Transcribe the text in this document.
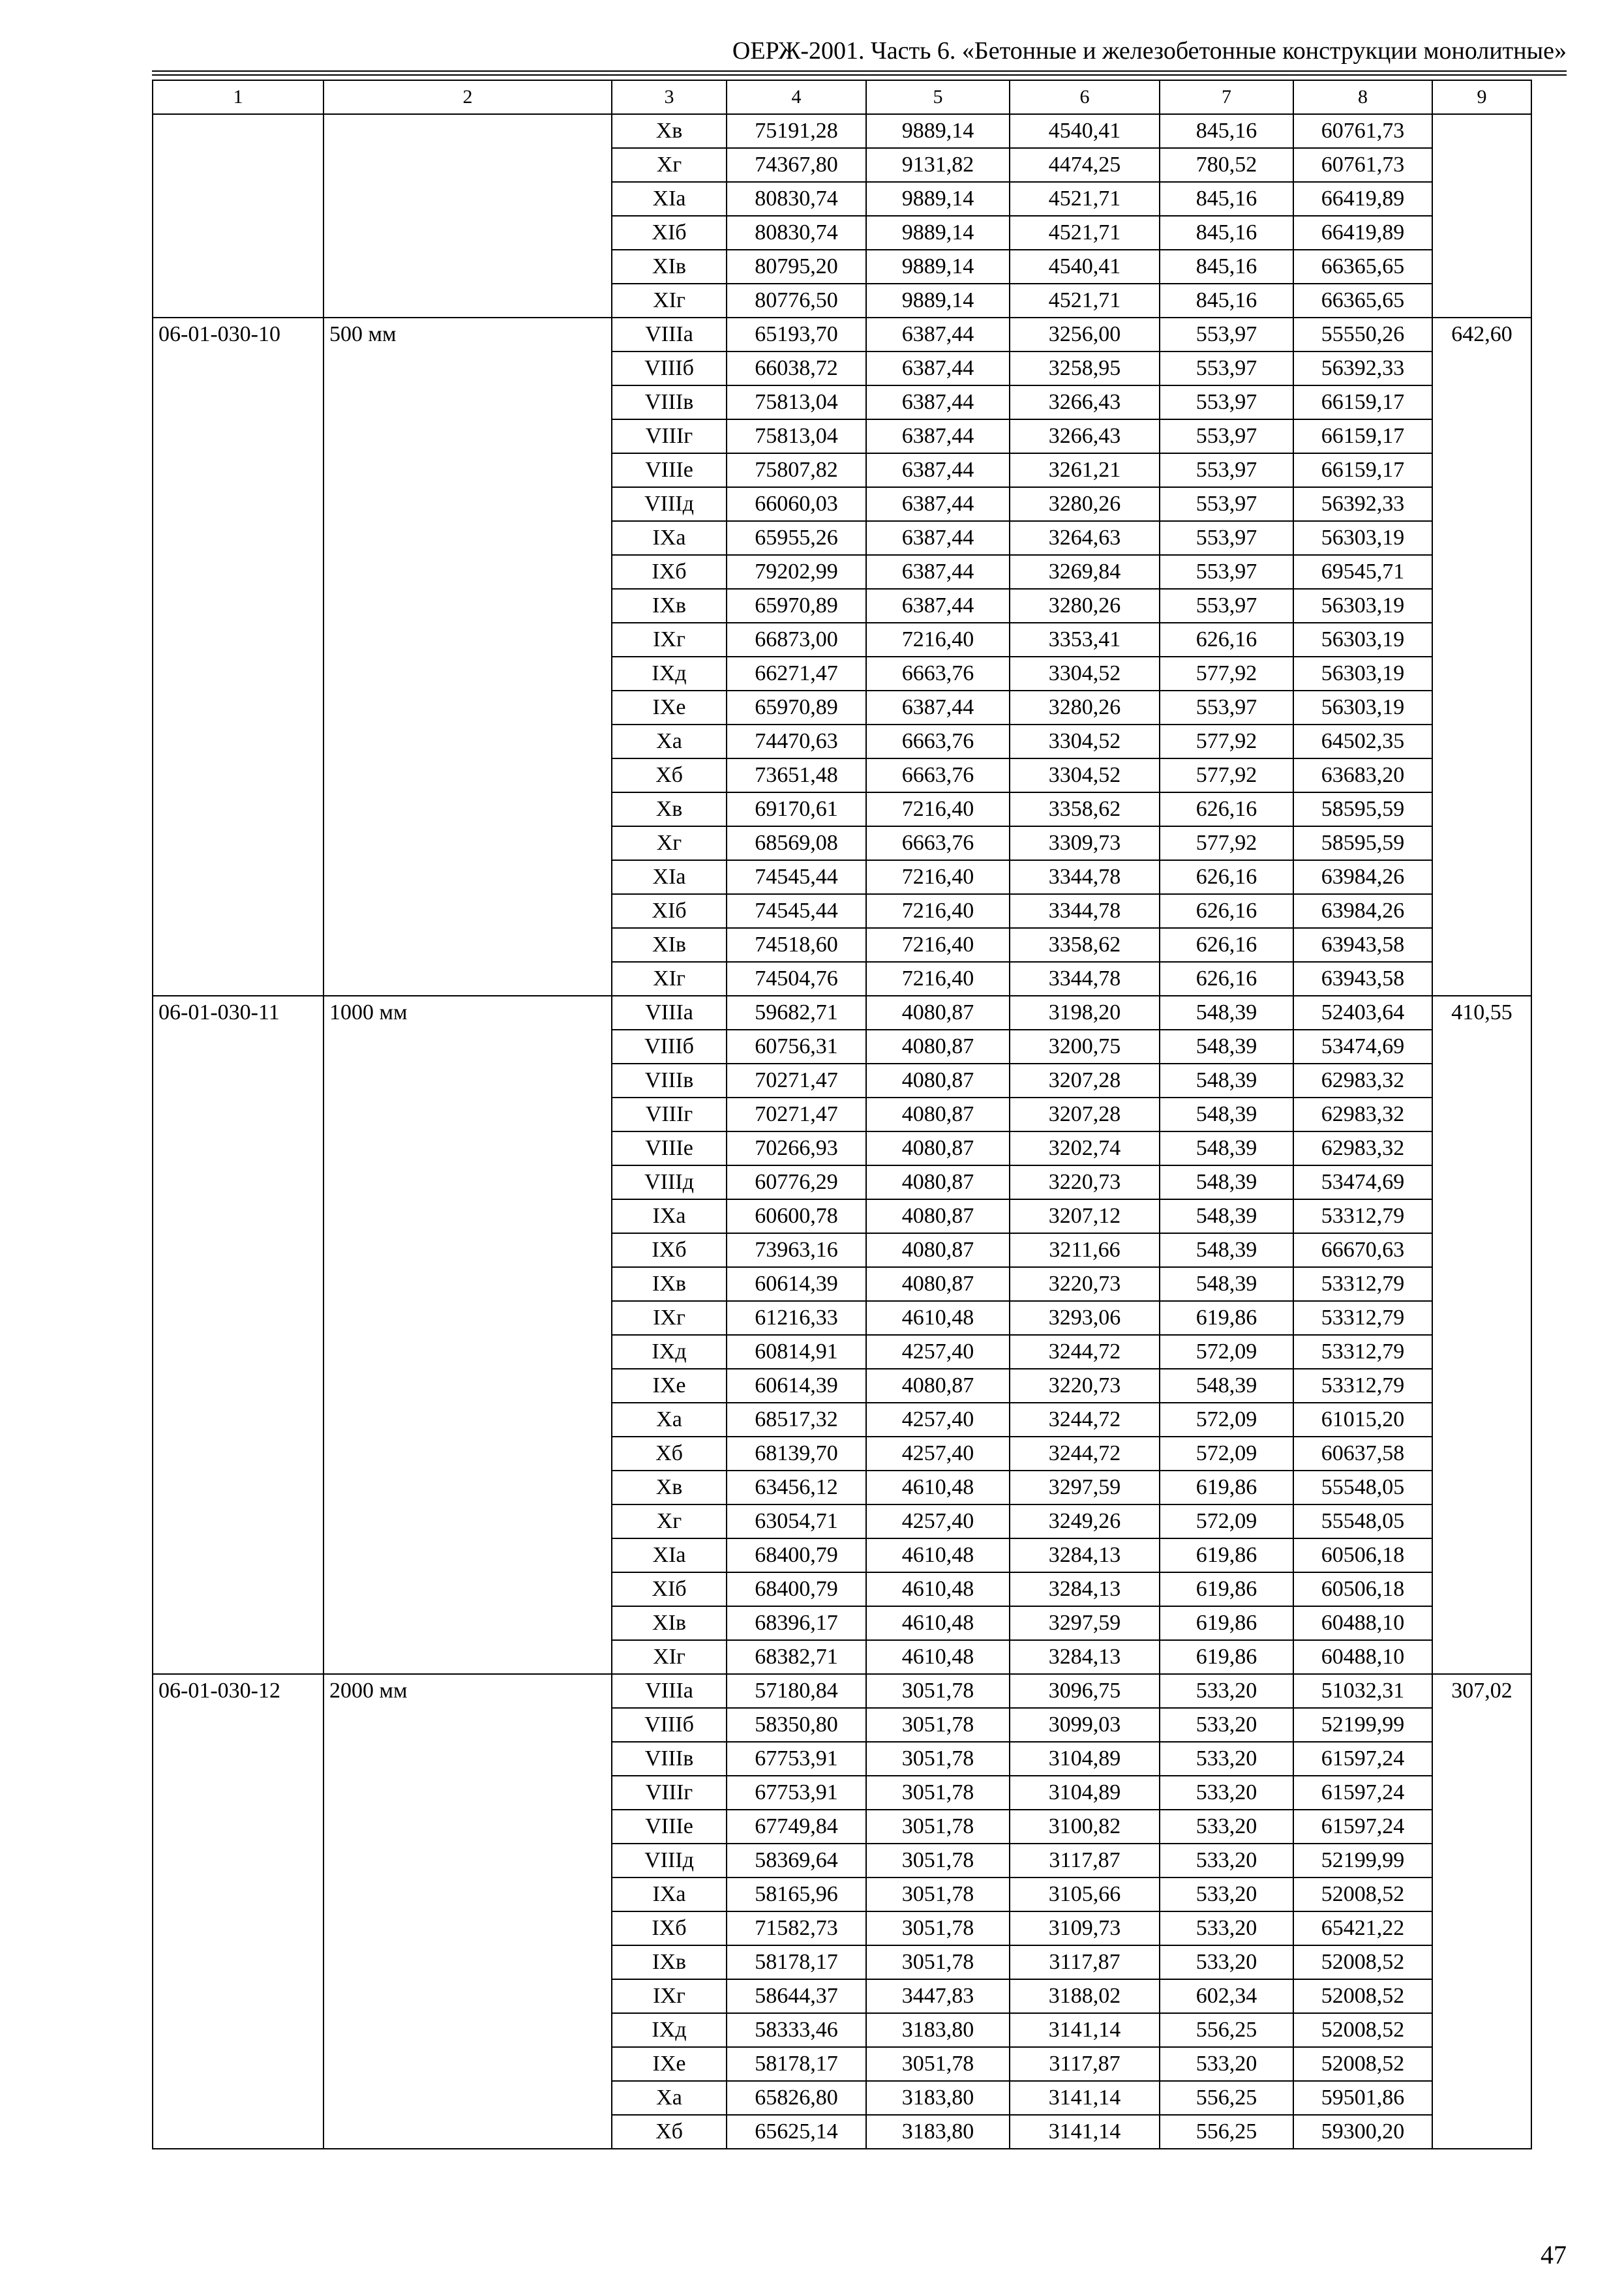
ОЕРЖ-2001. Часть 6. «Бетонные и железобетонные конструкции монолитные»
1	2	3	4	5	6	7	8	9
		Хв	75191,28	9889,14	4540,41	845,16	60761,73	
		Хг	74367,80	9131,82	4474,25	780,52	60761,73	
		XIа	80830,74	9889,14	4521,71	845,16	66419,89	
		XIб	80830,74	9889,14	4521,71	845,16	66419,89	
		XIв	80795,20	9889,14	4540,41	845,16	66365,65	
		XIг	80776,50	9889,14	4521,71	845,16	66365,65	
06-01-030-10	500 мм	VIIIа	65193,70	6387,44	3256,00	553,97	55550,26	642,60
		VIIIб	66038,72	6387,44	3258,95	553,97	56392,33	
		VIIIв	75813,04	6387,44	3266,43	553,97	66159,17	
		VIIIг	75813,04	6387,44	3266,43	553,97	66159,17	
		VIIIе	75807,82	6387,44	3261,21	553,97	66159,17	
		VIIIд	66060,03	6387,44	3280,26	553,97	56392,33	
		IXа	65955,26	6387,44	3264,63	553,97	56303,19	
		IXб	79202,99	6387,44	3269,84	553,97	69545,71	
		IXв	65970,89	6387,44	3280,26	553,97	56303,19	
		IXг	66873,00	7216,40	3353,41	626,16	56303,19	
		IXд	66271,47	6663,76	3304,52	577,92	56303,19	
		IXе	65970,89	6387,44	3280,26	553,97	56303,19	
		Ха	74470,63	6663,76	3304,52	577,92	64502,35	
		Хб	73651,48	6663,76	3304,52	577,92	63683,20	
		Хв	69170,61	7216,40	3358,62	626,16	58595,59	
		Хг	68569,08	6663,76	3309,73	577,92	58595,59	
		XIа	74545,44	7216,40	3344,78	626,16	63984,26	
		XIб	74545,44	7216,40	3344,78	626,16	63984,26	
		XIв	74518,60	7216,40	3358,62	626,16	63943,58	
		XIг	74504,76	7216,40	3344,78	626,16	63943,58	
06-01-030-11	1000 мм	VIIIа	59682,71	4080,87	3198,20	548,39	52403,64	410,55
		VIIIб	60756,31	4080,87	3200,75	548,39	53474,69	
		VIIIв	70271,47	4080,87	3207,28	548,39	62983,32	
		VIIIг	70271,47	4080,87	3207,28	548,39	62983,32	
		VIIIе	70266,93	4080,87	3202,74	548,39	62983,32	
		VIIIд	60776,29	4080,87	3220,73	548,39	53474,69	
		IXа	60600,78	4080,87	3207,12	548,39	53312,79	
		IXб	73963,16	4080,87	3211,66	548,39	66670,63	
		IXв	60614,39	4080,87	3220,73	548,39	53312,79	
		IXг	61216,33	4610,48	3293,06	619,86	53312,79	
		IXд	60814,91	4257,40	3244,72	572,09	53312,79	
		IXе	60614,39	4080,87	3220,73	548,39	53312,79	
		Ха	68517,32	4257,40	3244,72	572,09	61015,20	
		Хб	68139,70	4257,40	3244,72	572,09	60637,58	
		Хв	63456,12	4610,48	3297,59	619,86	55548,05	
		Хг	63054,71	4257,40	3249,26	572,09	55548,05	
		XIа	68400,79	4610,48	3284,13	619,86	60506,18	
		XIб	68400,79	4610,48	3284,13	619,86	60506,18	
		XIв	68396,17	4610,48	3297,59	619,86	60488,10	
		XIг	68382,71	4610,48	3284,13	619,86	60488,10	
06-01-030-12	2000 мм	VIIIа	57180,84	3051,78	3096,75	533,20	51032,31	307,02
		VIIIб	58350,80	3051,78	3099,03	533,20	52199,99	
		VIIIв	67753,91	3051,78	3104,89	533,20	61597,24	
		VIIIг	67753,91	3051,78	3104,89	533,20	61597,24	
		VIIIе	67749,84	3051,78	3100,82	533,20	61597,24	
		VIIIд	58369,64	3051,78	3117,87	533,20	52199,99	
		IXа	58165,96	3051,78	3105,66	533,20	52008,52	
		IXб	71582,73	3051,78	3109,73	533,20	65421,22	
		IXв	58178,17	3051,78	3117,87	533,20	52008,52	
		IXг	58644,37	3447,83	3188,02	602,34	52008,52	
		IXд	58333,46	3183,80	3141,14	556,25	52008,52	
		IXе	58178,17	3051,78	3117,87	533,20	52008,52	
		Ха	65826,80	3183,80	3141,14	556,25	59501,86	
		Хб	65625,14	3183,80	3141,14	556,25	59300,20	
47
